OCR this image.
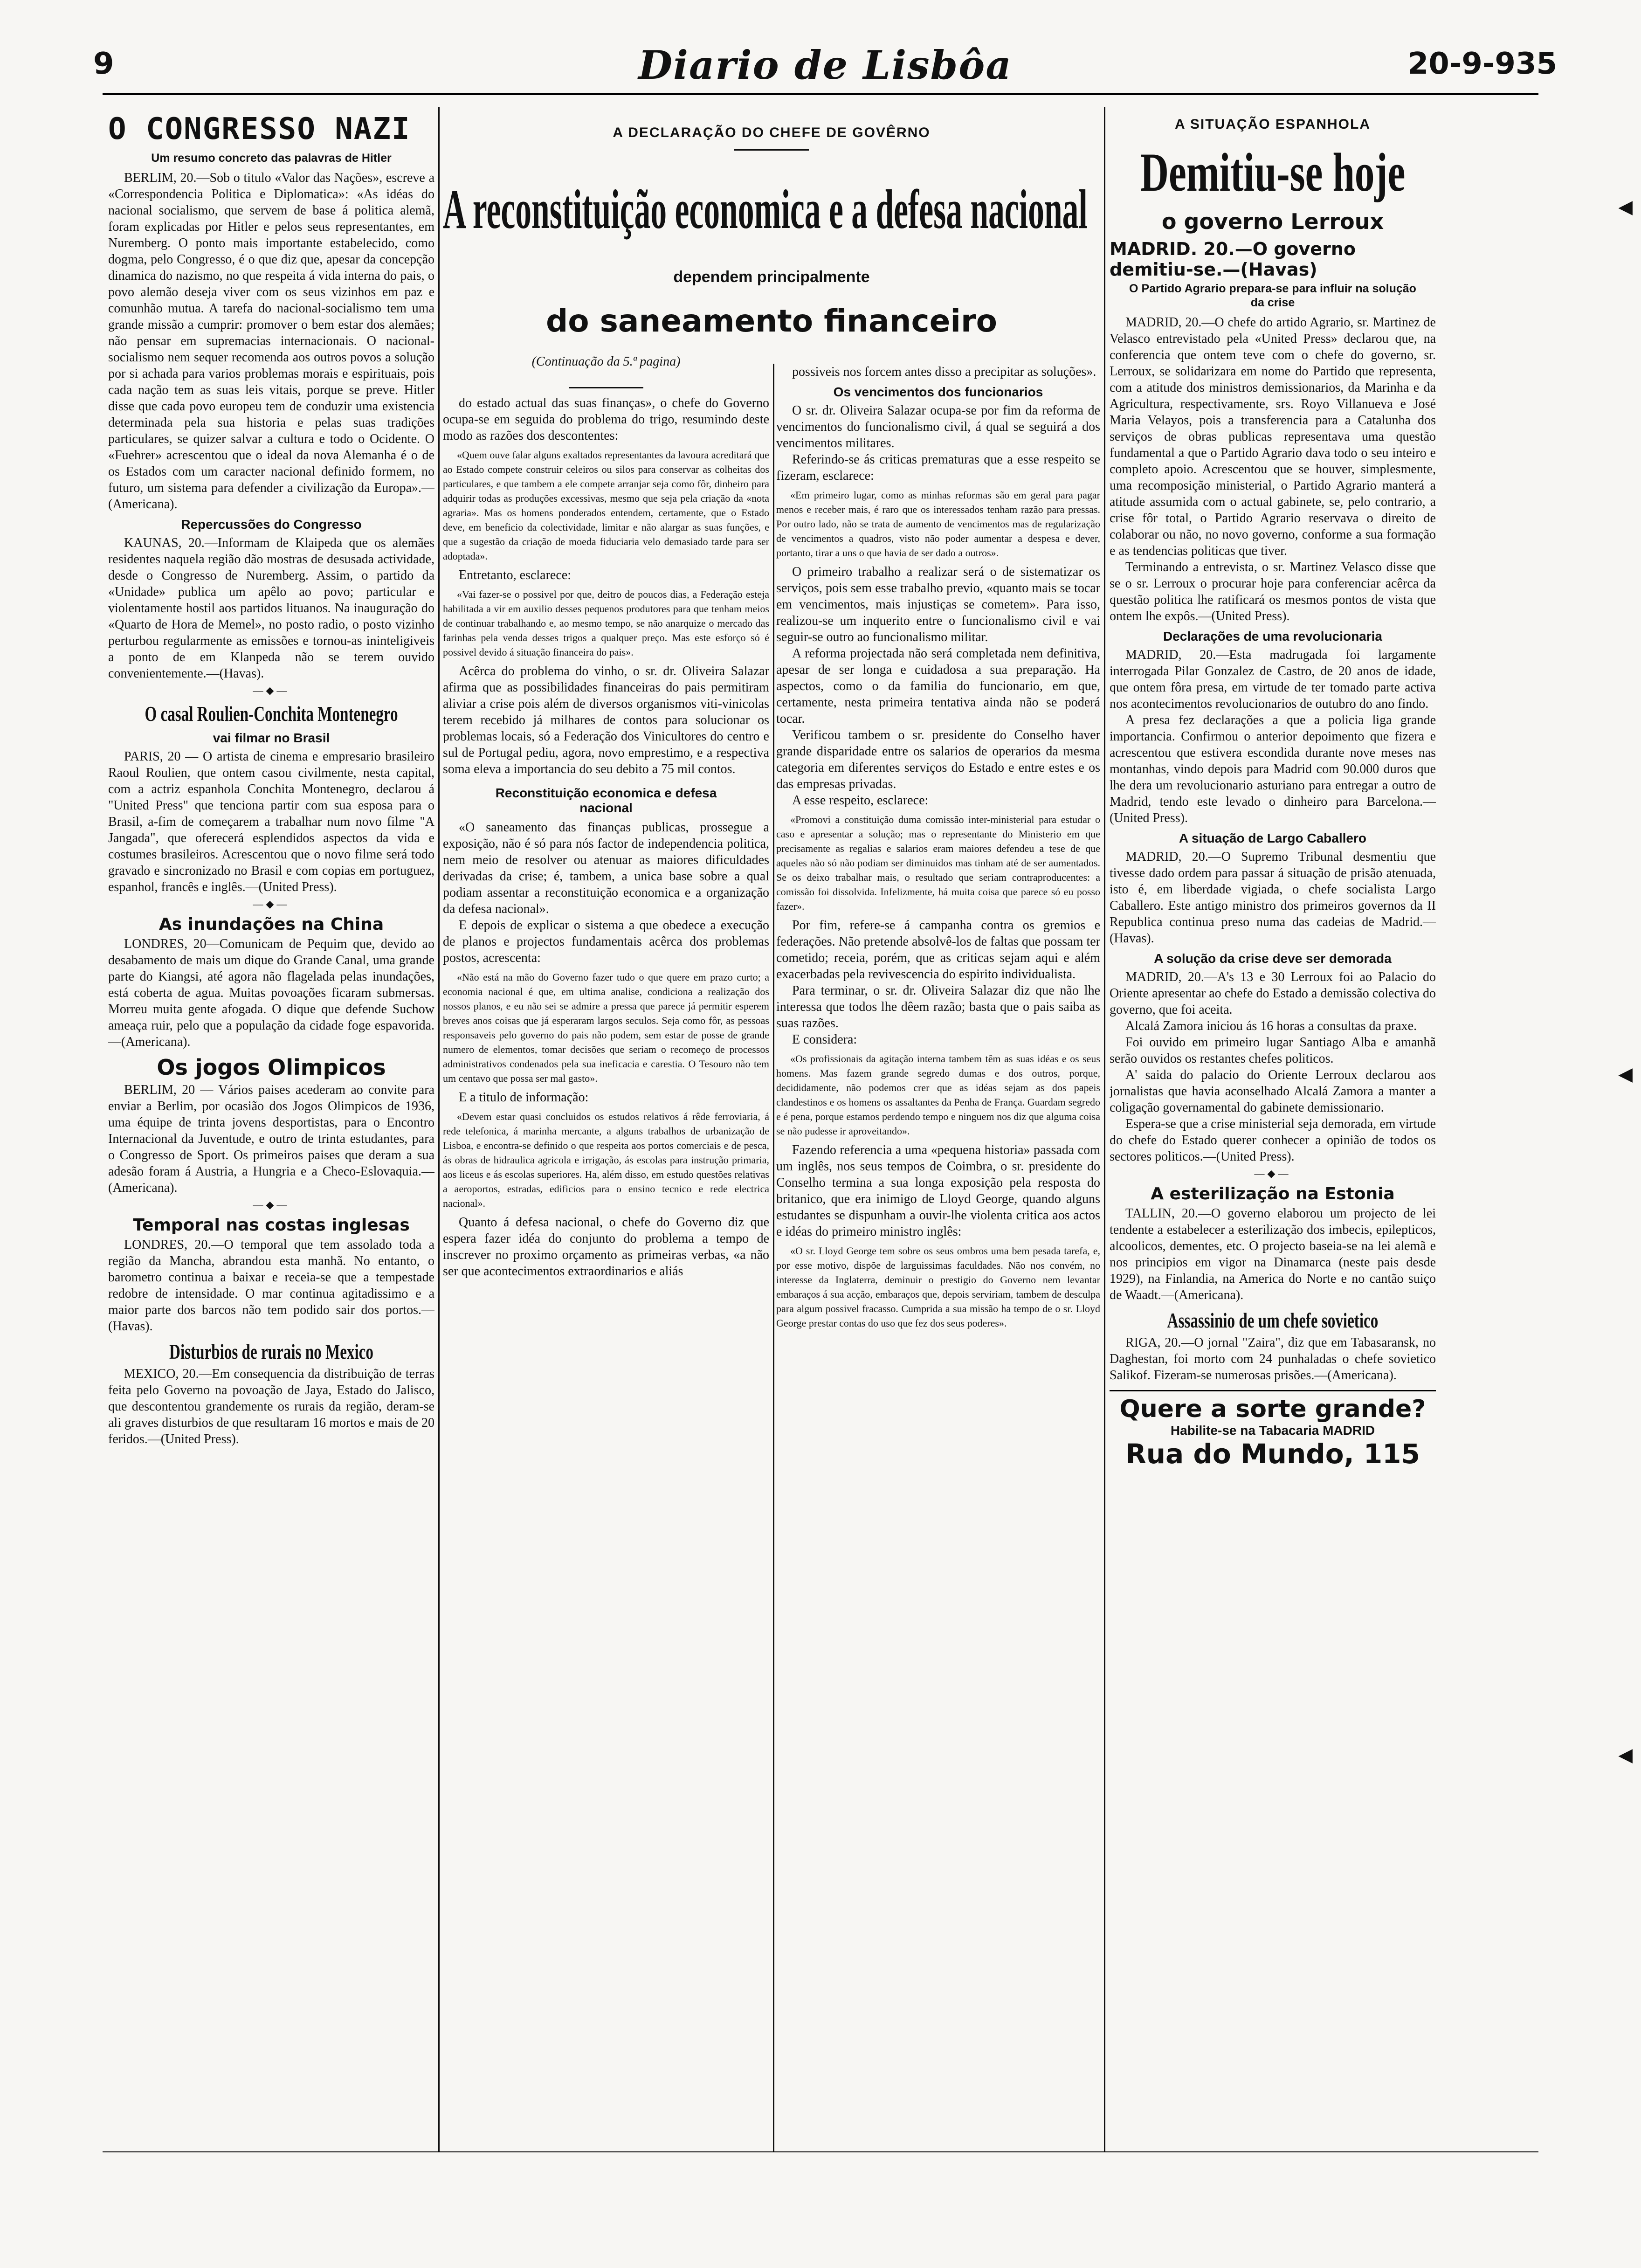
9	Diario de Lisbôa	20-9-935
O CONGRESSO NAZI
Um resumo concreto das palavras de Hitler

BERLIM, 20.—Sob o titulo «Valor das Nações», escreve a «Correspondencia Politica e Diplomatica»: «As idéas do nacional socialismo, que servem de base á politica alemã, foram explicadas por Hitler e pelos seus representantes, em Nuremberg. O ponto mais importante estabelecido, como dogma, pelo Congresso, é o que diz que, apesar da concepção dinamica do nazismo, no que respeita á vida interna do pais, o povo alemão deseja viver com os seus vizinhos em paz e comunhão mutua. A tarefa do nacional-socialismo tem uma grande missão a cumprir: promover o bem estar dos alemães; não pensar em supremacias internacionais. O nacional-socialismo nem sequer recomenda aos outros povos a solução por si achada para varios problemas morais e espirituais, pois cada nação tem as suas leis vitais, porque se preve. Hitler disse que cada povo europeu tem de conduzir uma existencia determinada pela sua historia e pelas suas tradições particulares, se quizer salvar a cultura e todo o Ocidente. O «Fuehrer» acrescentou que o ideal da nova Alemanha é o de os Estados com um caracter nacional definido formem, no futuro, um sistema para defender a civilização da Europa».—(Americana).

Repercussões do Congresso

KAUNAS, 20.—Informam de Klaipeda que os alemães residentes naquela região dão mostras de desusada actividade, desde o Congresso de Nuremberg. Assim, o partido da «Unidade» publica um apêlo ao povo; particular e violentamente hostil aos partidos lituanos. Na inauguração do «Quarto de Hora de Memel», no posto radio, o posto vizinho perturbou regularmente as emissões e tornou-as ininteligiveis a ponto de em Klanpeda não se terem ouvido convenientemente.—(Havas).

—◆—
O casal Roulien-Conchita Montenegro
vai filmar no Brasil

PARIS, 20 — O artista de cinema e empresario brasileiro Raoul Roulien, que ontem casou civilmente, nesta capital, com a actriz espanhola Conchita Montenegro, declarou á "United Press" que tenciona partir com sua esposa para o Brasil, a-fim de começarem a trabalhar num novo filme "A Jangada", que oferecerá esplendidos aspectos da vida e costumes brasileiros. Acrescentou que o novo filme será todo gravado e sincronizado no Brasil e com copias em portuguez, espanhol, francês e inglês.—(United Press).

—◆—
As inundações na China

LONDRES, 20—Comunicam de Pequim que, devido ao desabamento de mais um dique do Grande Canal, uma grande parte do Kiangsi, até agora não flagelada pelas inundações, está coberta de agua. Muitas povoações ficaram submersas. Morreu muita gente afogada. O dique que defende Suchow ameaça ruir, pelo que a população da cidade foge espavorida.—(Americana).

Os jogos Olimpicos

BERLIM, 20 — Vários paises acederam ao convite para enviar a Berlim, por ocasião dos Jogos Olimpicos de 1936, uma équipe de trinta jovens desportistas, para o Encontro Internacional da Juventude, e outro de trinta estudantes, para o Congresso de Sport. Os primeiros paises que deram a sua adesão foram á Austria, a Hungria e a Checo-Eslovaquia.—(Americana).

—◆—
Temporal nas costas inglesas

LONDRES, 20.—O temporal que tem assolado toda a região da Mancha, abrandou esta manhã. No entanto, o barometro continua a baixar e receia-se que a tempestade redobre de intensidade. O mar continua agitadissimo e a maior parte dos barcos não tem podido sair dos portos.—(Havas).

Disturbios de rurais no Mexico

MEXICO, 20.—Em consequencia da distribuição de terras feita pelo Governo na povoação de Jaya, Estado do Jalisco, que descontentou grandemente os rurais da região, deram-se ali graves disturbios de que resultaram 16 mortos e mais de 20 feridos.—(United Press).

A DECLARAÇÃO DO CHEFE DE GOVÊRNO
A reconstituição economica e a defesa nacional
dependem principalmente
do saneamento financeiro
(Continuação da 5.ª pagina)

do estado actual das suas finanças», o chefe do Governo ocupa-se em seguida do problema do trigo, resumindo deste modo as razões dos descontentes:

«Quem ouve falar alguns exaltados representantes da lavoura acreditará que ao Estado compete construir celeiros ou silos para conservar as colheitas dos particulares, e que tambem a ele compete arranjar seja como fôr, dinheiro para adquirir todas as produções excessivas, mesmo que seja pela criação da «nota agraria». Mas os homens ponderados entendem, certamente, que o Estado deve, em beneficio da colectividade, limitar e não alargar as suas funções, e que a sugestão da criação de moeda fiduciaria velo demasiado tarde para ser adoptada».

Entretanto, esclarece:

«Vai fazer-se o possivel por que, deitro de poucos dias, a Federação esteja habilitada a vir em auxilio desses pequenos produtores para que tenham meios de continuar trabalhando e, ao mesmo tempo, se não anarquize o mercado das farinhas pela venda desses trigos a qualquer preço. Mas este esforço só é possivel devido á situação financeira do pais».

Acêrca do problema do vinho, o sr. dr. Oliveira Salazar afirma que as possibilidades financeiras do pais permitiram aliviar a crise pois além de diversos organismos viti-vinicolas terem recebido já milhares de contos para solucionar os problemas locais, só a Federação dos Vinicultores do centro e sul de Portugal pediu, agora, novo emprestimo, e a respectiva soma eleva a importancia do seu debito a 75 mil contos.

Reconstituição economica e defesa nacional

«O saneamento das finanças publicas, prossegue a exposição, não é só para nós factor de independencia politica, nem meio de resolver ou atenuar as maiores dificuldades derivadas da crise; é, tambem, a unica base sobre a qual podiam assentar a reconstituição economica e a organização da defesa nacional».

E depois de explicar o sistema a que obedece a execução de planos e projectos fundamentais acêrca dos problemas postos, acrescenta:

«Não está na mão do Governo fazer tudo o que quere em prazo curto; a economia nacional é que, em ultima analise, condiciona a realização dos nossos planos, e eu não sei se admire a pressa que parece já permitir esperem breves anos coisas que já esperaram largos seculos. Seja como fôr, as pessoas responsaveis pelo governo do pais não podem, sem estar de posse de grande numero de elementos, tomar decisões que seriam o recomeço de processos administrativos condenados pela sua ineficacia e carestia. O Tesouro não tem um centavo que possa ser mal gasto».

E a titulo de informação:

«Devem estar quasi concluidos os estudos relativos á rêde ferroviaria, á rede telefonica, á marinha mercante, a alguns trabalhos de urbanização de Lisboa, e encontra-se definido o que respeita aos portos comerciais e de pesca, ás obras de hidraulica agricola e irrigação, ás escolas para instrução primaria, aos liceus e ás escolas superiores. Ha, além disso, em estudo questões relativas a aeroportos, estradas, edificios para o ensino tecnico e rede electrica nacional».

Quanto á defesa nacional, o chefe do Governo diz que espera fazer idéa do conjunto do problema a tempo de inscrever no proximo orçamento as primeiras verbas, «a não ser que acontecimentos extraordinarios e aliás

possiveis nos forcem antes disso a precipitar as soluções».

Os vencimentos dos funcionarios

O sr. dr. Oliveira Salazar ocupa-se por fim da reforma de vencimentos do funcionalismo civil, á qual se seguirá a dos vencimentos militares.

Referindo-se ás criticas prematuras que a esse respeito se fizeram, esclarece:

«Em primeiro lugar, como as minhas reformas são em geral para pagar menos e receber mais, é raro que os interessados tenham razão para pressas. Por outro lado, não se trata de aumento de vencimentos mas de regularização de vencimentos a quadros, visto não poder aumentar a despesa e dever, portanto, tirar a uns o que havia de ser dado a outros».

O primeiro trabalho a realizar será o de sistematizar os serviços, pois sem esse trabalho previo, «quanto mais se tocar em vencimentos, mais injustiças se cometem». Para isso, realizou-se um inquerito entre o funcionalismo civil e vai seguir-se outro ao funcionalismo militar.

A reforma projectada não será completada nem definitiva, apesar de ser longa e cuidadosa a sua preparação. Ha aspectos, como o da familia do funcionario, em que, certamente, nesta primeira tentativa ainda não se poderá tocar.

Verificou tambem o sr. presidente do Conselho haver grande disparidade entre os salarios de operarios da mesma categoria em diferentes serviços do Estado e entre estes e os das empresas privadas.

A esse respeito, esclarece:

«Promovi a constituição duma comissão inter-ministerial para estudar o caso e apresentar a solução; mas o representante do Ministerio em que precisamente as regalias e salarios eram maiores defendeu a tese de que aqueles não só não podiam ser diminuidos mas tinham até de ser aumentados. Se os deixo trabalhar mais, o resultado que seriam contraproducentes: a comissão foi dissolvida. Infelizmente, há muita coisa que parece só eu posso fazer».

Por fim, refere-se á campanha contra os gremios e federações. Não pretende absolvê-los de faltas que possam ter cometido; receia, porém, que as criticas sejam aqui e além exacerbadas pela revivescencia do espirito individualista.

Para terminar, o sr. dr. Oliveira Salazar diz que não lhe interessa que todos lhe dêem razão; basta que o pais saiba as suas razões.

E considera:

«Os profissionais da agitação interna tambem têm as suas idéas e os seus homens. Mas fazem grande segredo dumas e dos outros, porque, decididamente, não podemos crer que as idéas sejam as dos papeis clandestinos e os homens os assaltantes da Penha de França. Guardam segredo e é pena, porque estamos perdendo tempo e ninguem nos diz que alguma coisa se não pudesse ir aproveitando».

Fazendo referencia a uma «pequena historia» passada com um inglês, nos seus tempos de Coimbra, o sr. presidente do Conselho termina a sua longa exposição pela resposta do britanico, que era inimigo de Lloyd George, quando alguns estudantes se dispunham a ouvir-lhe violenta critica aos actos e idéas do primeiro ministro inglês:

«O sr. Lloyd George tem sobre os seus ombros uma bem pesada tarefa, e, por esse motivo, dispõe de larguissimas faculdades. Não nos convém, no interesse da Inglaterra, deminuir o prestigio do Governo nem levantar embaraços á sua acção, embaraços que, depois serviriam, tambem de desculpa para algum possivel fracasso. Cumprida a sua missão ha tempo de o sr. Lloyd George prestar contas do uso que fez dos seus poderes».

A SITUAÇÃO ESPANHOLA
Demitiu-se hoje
o governo Lerroux
MADRID. 20.—O governo demitiu-se.—(Havas)
O Partido Agrario prepara-se para influir na solução da crise

MADRID, 20.—O chefe do artido Agrario, sr. Martinez de Velasco entrevistado pela «United Press» declarou que, na conferencia que ontem teve com o chefe do governo, sr. Lerroux, se solidarizara em nome do Partido que representa, com a atitude dos ministros demissionarios, da Marinha e da Agricultura, respectivamente, srs. Royo Villanueva e José Maria Velayos, pois a transferencia para a Catalunha dos serviços de obras publicas representava uma questão fundamental a que o Partido Agrario dava todo o seu inteiro e completo apoio. Acrescentou que se houver, simplesmente, uma recomposição ministerial, o Partido Agrario manterá a atitude assumida com o actual gabinete, se, pelo contrario, a crise fôr total, o Partido Agrario reservava o direito de colaborar ou não, no novo governo, conforme a sua formação e as tendencias politicas que tiver.

Terminando a entrevista, o sr. Martinez Velasco disse que se o sr. Lerroux o procurar hoje para conferenciar acêrca da questão politica lhe ratificará os mesmos pontos de vista que ontem lhe expôs.—(United Press).

Declarações de uma revolucionaria

MADRID, 20.—Esta madrugada foi largamente interrogada Pilar Gonzalez de Castro, de 20 anos de idade, que ontem fôra presa, em virtude de ter tomado parte activa nos acontecimentos revolucionarios de outubro do ano findo.

A presa fez declarações a que a policia liga grande importancia. Confirmou o anterior depoimento que fizera e acrescentou que estivera escondida durante nove meses nas montanhas, vindo depois para Madrid com 90.000 duros que lhe dera um revolucionario asturiano para entregar a outro de Madrid, tendo este levado o dinheiro para Barcelona.—(United Press).

A situação de Largo Caballero

MADRID, 20.—O Supremo Tribunal desmentiu que tivesse dado ordem para passar á situação de prisão atenuada, isto é, em liberdade vigiada, o chefe socialista Largo Caballero. Este antigo ministro dos primeiros governos da II Republica continua preso numa das cadeias de Madrid.—(Havas).

A solução da crise deve ser demorada

MADRID, 20.—A's 13 e 30 Lerroux foi ao Palacio do Oriente apresentar ao chefe do Estado a demissão colectiva do governo, que foi aceita.

Alcalá Zamora iniciou ás 16 horas a consultas da praxe.

Foi ouvido em primeiro lugar Santiago Alba e amanhã serão ouvidos os restantes chefes politicos.

A' saida do palacio do Oriente Lerroux declarou aos jornalistas que havia aconselhado Alcalá Zamora a manter a coligação governamental do gabinete demissionario.

Espera-se que a crise ministerial seja demorada, em virtude do chefe do Estado querer conhecer a opinião de todos os sectores politicos.—(United Press).

—◆—
A esterilização na Estonia

TALLIN, 20.—O governo elaborou um projecto de lei tendente a estabelecer a esterilização dos imbecis, epilepticos, alcoolicos, dementes, etc. O projecto baseia-se na lei alemã e nos principios em vigor na Dinamarca (neste pais desde 1929), na Finlandia, na America do Norte e no cantão suiço de Waadt.—(Americana).

Assassinio de um chefe sovietico

RIGA, 20.—O jornal "Zaira", diz que em Tabasaransk, no Daghestan, foi morto com 24 punhaladas o chefe sovietico Salikof. Fizeram-se numerosas prisões.—(Americana).

Quere a sorte grande?
Habilite-se na Tabacaria MADRID
Rua do Mundo, 115
◀
◀
◀
